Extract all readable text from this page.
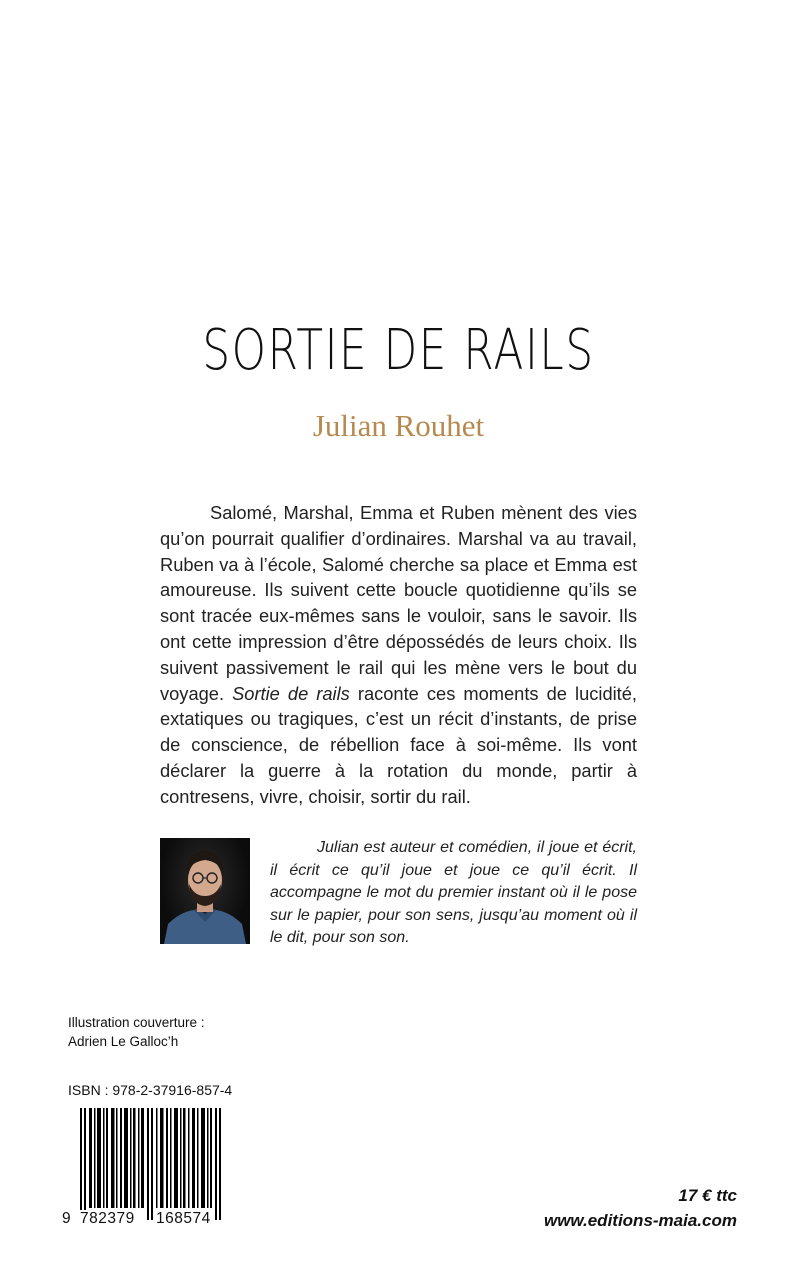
SORTIE DE RAILS
Julian Rouhet

Salomé, Marshal, Emma et Ruben mènent des vies qu’on pourrait qualifier d’ordinaires. Marshal va au travail, Ruben va à l’école, Salomé cherche sa place et Emma est amoureuse. Ils suivent cette boucle quotidienne qu’ils se sont tracée eux-mêmes sans le vouloir, sans le savoir. Ils ont cette impression d’être dépossédés de leurs choix. Ils suivent passivement le rail qui les mène vers le bout du voyage. Sortie de rails raconte ces moments de lucidité, extatiques ou tragiques, c’est un récit d’instants, de prise de conscience, de rébellion face à soi-même. Ils vont déclarer la guerre à la rotation du monde, partir à contresens, vivre, choisir, sortir du rail.

Julian est auteur et comédien, il joue et écrit, il écrit ce qu’il joue et joue ce qu’il écrit. Il accompagne le mot du premier instant où il le pose sur le papier, pour son sens, jusqu’au moment où il le dit, pour son son.

Illustration couverture :
Adrien Le Galloc’h
ISBN : 978-2-37916-857-4
9 782379 168574
17 € ttc
www.editions-maia.com
